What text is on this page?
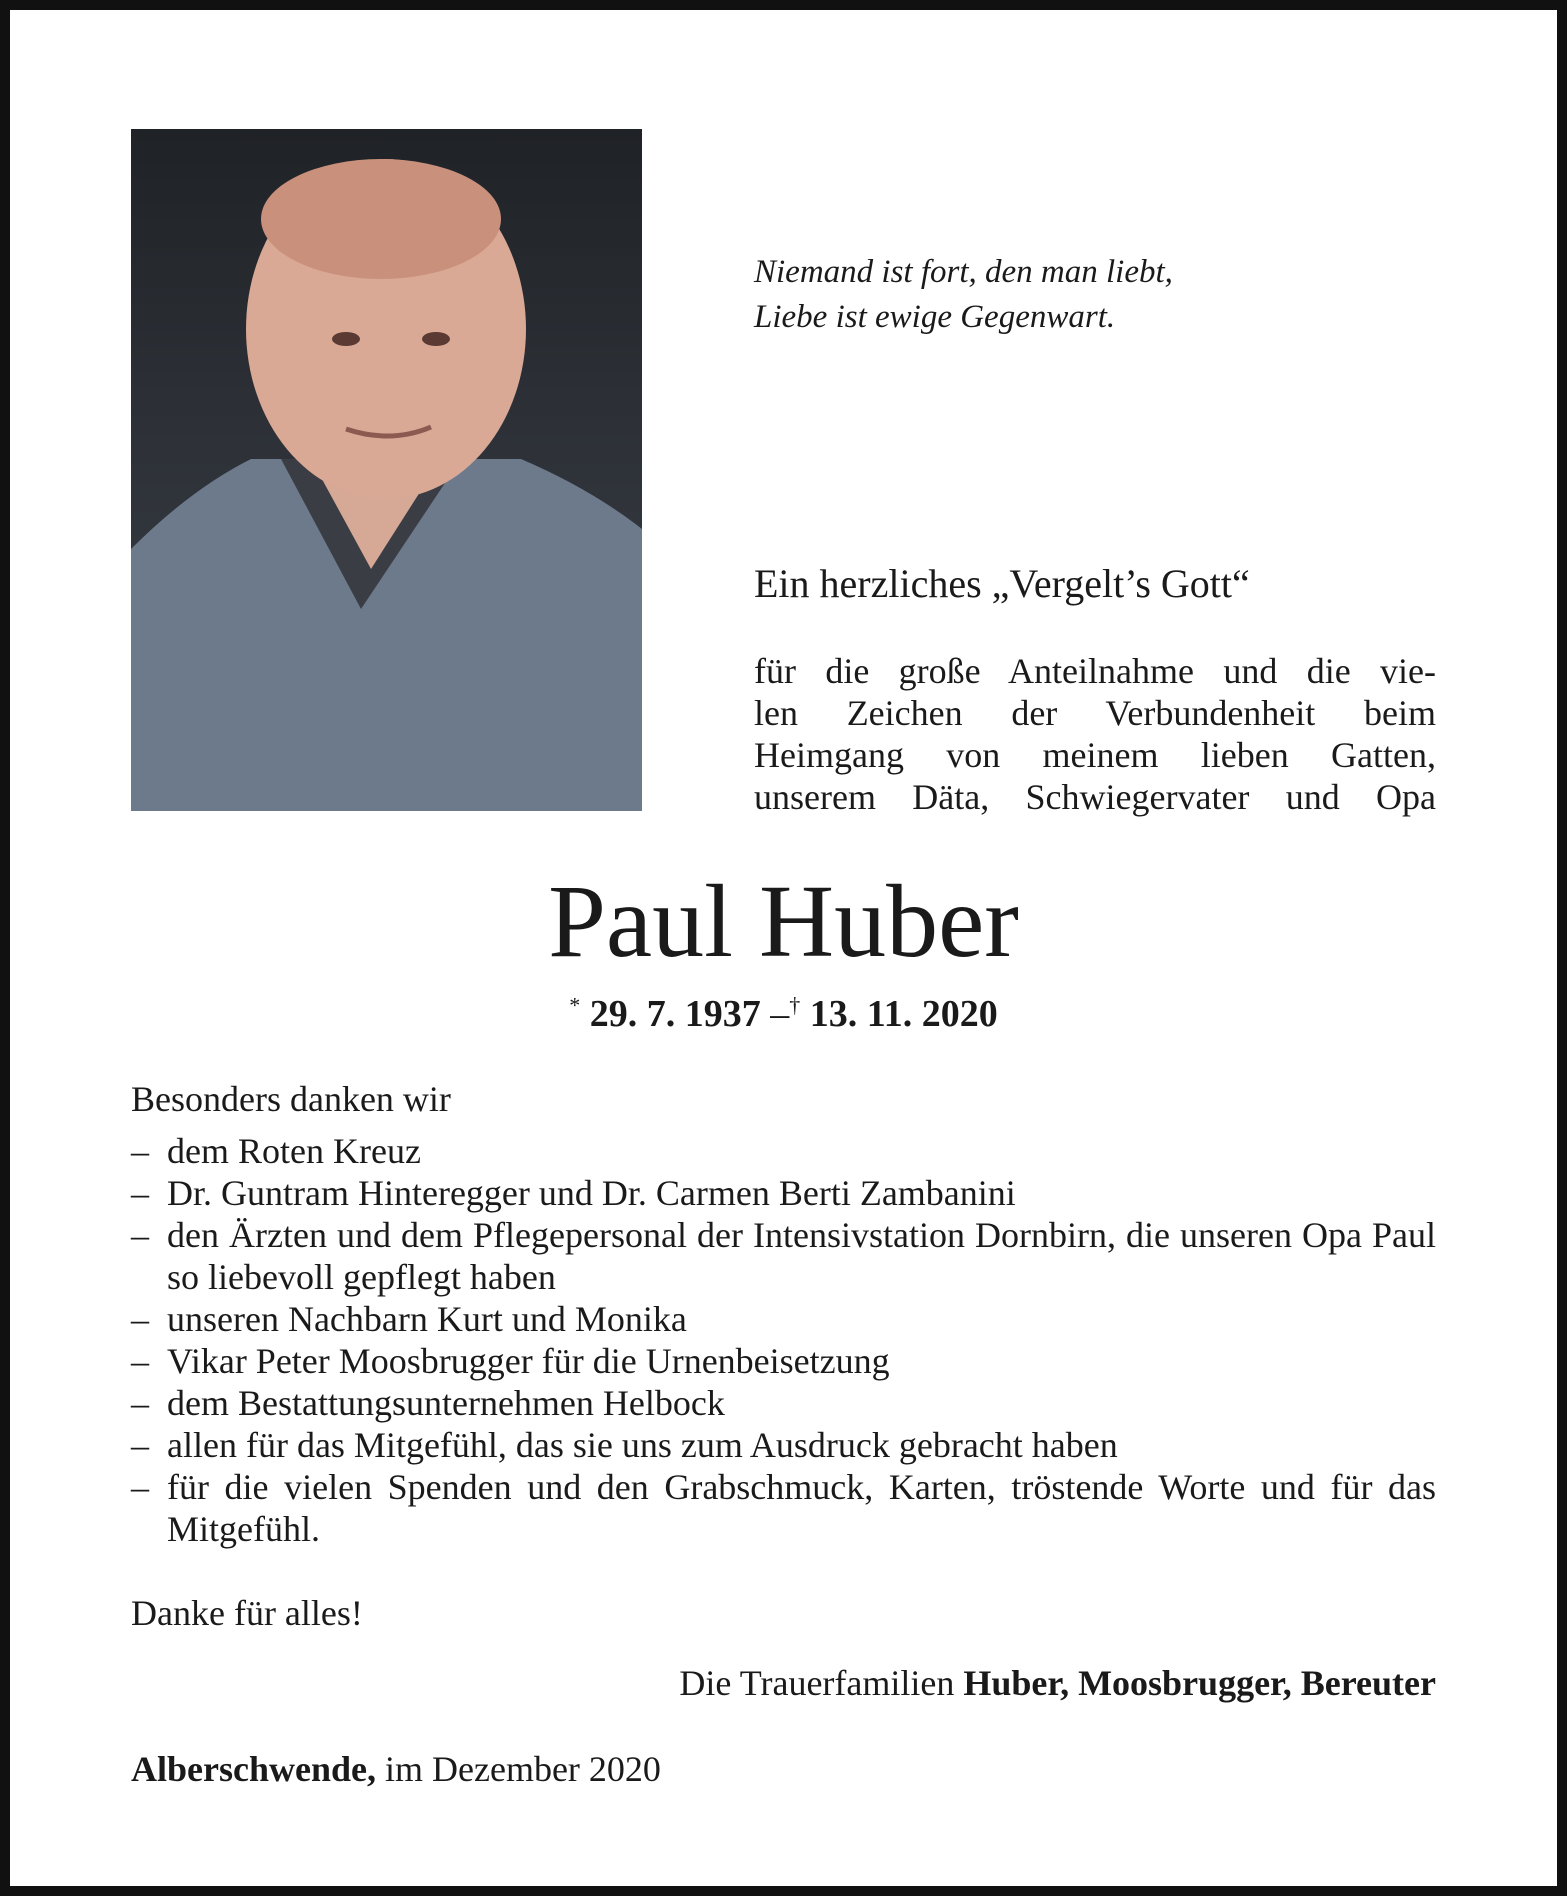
Niemand ist fort, den man liebt,
Liebe ist ewige Gegenwart.
Ein herzliches „Vergelt’s Gott“
für die große Anteilnahme und die vie-
len Zeichen der Verbundenheit beim
Heimgang von meinem lieben Gatten,
unserem Däta, Schwiegervater und Opa
Paul Huber
* 29. 7. 1937 –† 13. 11. 2020
Besonders danken wir
– dem Roten Kreuz
– Dr. Guntram Hinteregger und Dr. Carmen Berti Zambanini
– den Ärzten und dem Pflegepersonal der Intensivstation Dornbirn, die unseren Opa Paul so liebevoll gepflegt haben
– unseren Nachbarn Kurt und Monika
– Vikar Peter Moosbrugger für die Urnenbeisetzung
– dem Bestattungsunternehmen Helbock
– allen für das Mitgefühl, das sie uns zum Ausdruck gebracht haben
– für die vielen Spenden und den Grabschmuck, Karten, tröstende Worte und für das Mitgefühl.
Danke für alles!
Die Trauerfamilien Huber, Moosbrugger, Bereuter
Alberschwende, im Dezember 2020
